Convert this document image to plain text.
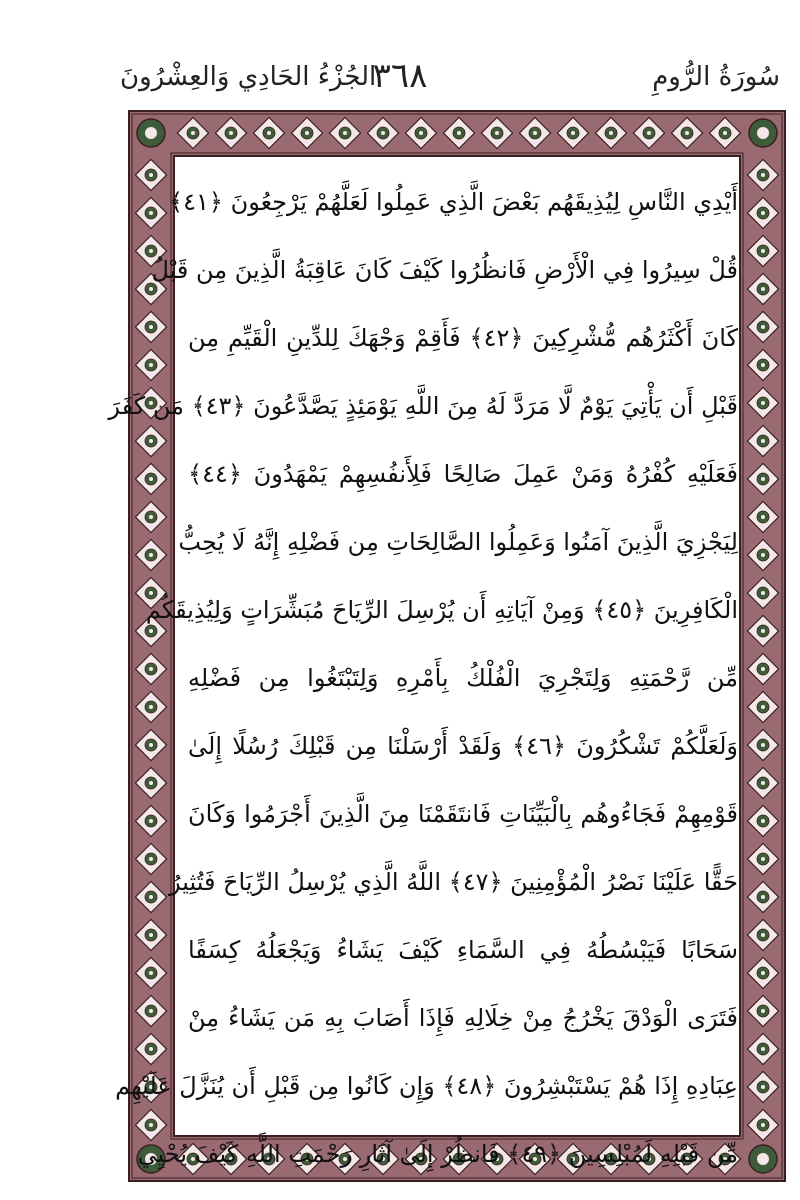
الجُزْءُ الحَادِي وَالعِشْرُونَ
٣٦٨	سُورَةُ الرُّومِ
أَيْدِي النَّاسِ لِيُذِيقَهُم بَعْضَ الَّذِي عَمِلُوا لَعَلَّهُمْ يَرْجِعُونَ ﴿٤١﴾
قُلْ سِيرُوا فِي الْأَرْضِ فَانظُرُوا كَيْفَ كَانَ عَاقِبَةُ الَّذِينَ مِن قَبْلُ
كَانَ أَكْثَرُهُم مُّشْرِكِينَ ﴿٤٢﴾ فَأَقِمْ وَجْهَكَ لِلدِّينِ الْقَيِّمِ مِن
قَبْلِ أَن يَأْتِيَ يَوْمٌ لَّا مَرَدَّ لَهُ مِنَ اللَّهِ يَوْمَئِذٍ يَصَّدَّعُونَ ﴿٤٣﴾ مَن كَفَرَ
فَعَلَيْهِ كُفْرُهُ وَمَنْ عَمِلَ صَالِحًا فَلِأَنفُسِهِمْ يَمْهَدُونَ ﴿٤٤﴾
لِيَجْزِيَ الَّذِينَ آمَنُوا وَعَمِلُوا الصَّالِحَاتِ مِن فَضْلِهِ إِنَّهُ لَا يُحِبُّ
الْكَافِرِينَ ﴿٤٥﴾ وَمِنْ آيَاتِهِ أَن يُرْسِلَ الرِّيَاحَ مُبَشِّرَاتٍ وَلِيُذِيقَكُم
مِّن رَّحْمَتِهِ وَلِتَجْرِيَ الْفُلْكُ بِأَمْرِهِ وَلِتَبْتَغُوا مِن فَضْلِهِ
وَلَعَلَّكُمْ تَشْكُرُونَ ﴿٤٦﴾ وَلَقَدْ أَرْسَلْنَا مِن قَبْلِكَ رُسُلًا إِلَىٰ
قَوْمِهِمْ فَجَاءُوهُم بِالْبَيِّنَاتِ فَانتَقَمْنَا مِنَ الَّذِينَ أَجْرَمُوا وَكَانَ
حَقًّا عَلَيْنَا نَصْرُ الْمُؤْمِنِينَ ﴿٤٧﴾ اللَّهُ الَّذِي يُرْسِلُ الرِّيَاحَ فَتُثِيرُ
سَحَابًا فَيَبْسُطُهُ فِي السَّمَاءِ كَيْفَ يَشَاءُ وَيَجْعَلُهُ كِسَفًا
فَتَرَى الْوَدْقَ يَخْرُجُ مِنْ خِلَالِهِ فَإِذَا أَصَابَ بِهِ مَن يَشَاءُ مِنْ
عِبَادِهِ إِذَا هُمْ يَسْتَبْشِرُونَ ﴿٤٨﴾ وَإِن كَانُوا مِن قَبْلِ أَن يُنَزَّلَ عَلَيْهِم
مِّن قَبْلِهِ لَمُبْلِسِينَ ﴿٤٩﴾ فَانظُرْ إِلَىٰ آثَارِ رَحْمَتِ اللَّهِ كَيْفَ يُحْيِي
